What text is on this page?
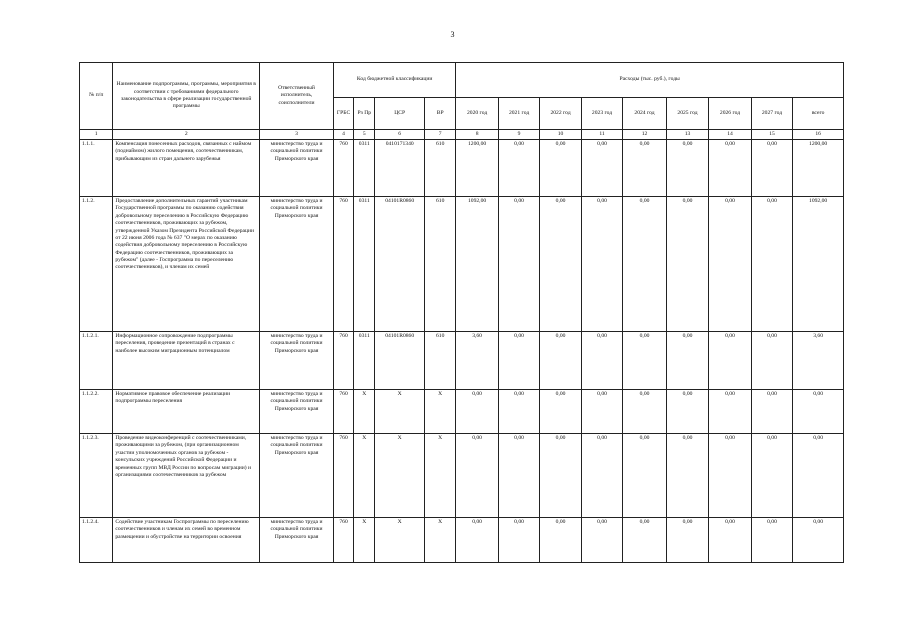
3
№ п/п	Наименование подпрограммы, программы, мероприятия в соответствии с требованиями федерального законодательства в сфере реализации государственной программы	Ответственный исполнитель, соисполнители	Код бюджетной классификации				Расходы (тыс. руб.), годы								
			ГРБС	Рз Пр	ЦСР	ВР	2020 год	2021 год	2022 год	2023 год	2024 год	2025 год	2026 год	2027 год	всего
1	2	3	4	5	6	7	8	9	10	11	12	13	14	15	16
1.1.1.	Компенсация понесенных расходов, связанных с наймом (поднаймом) жилого помещения, соотечественникам, прибывающим из стран дальнего зарубежья	министерство труда и социальной политики Приморского края	760	0311	0410171340	610	1200,00	0,00	0,00	0,00	0,00	0,00	0,00	0,00	1200,00
1.1.2.	Предоставление дополнительных гарантий участникам Государственной программы по оказанию содействия добровольному переселению в Российскую Федерацию соотечественников, проживающих за рубежом, утвержденной Указом Президента Российской Федерации от 22 июня 2006 года № 637 "О мерах по оказанию содействия добровольному переселению в Российскую Федерацию соотечественников, проживающих за рубежом" (далее - Госпрограмма по переселению соотечественников), и членам их семей	министерство труда и социальной политики Приморского края	760	0311	04101R0860	610	1092,00	0,00	0,00	0,00	0,00	0,00	0,00	0,00	1092,00
1.1.2.1.	Информационное сопровождение подпрограммы переселения, проведение презентаций в странах с наиболее высоким миграционным потенциалом	министерство труда и социальной политики Приморского края	760	0311	04101R0860	610	3,60	0,00	0,00	0,00	0,00	0,00	0,00	0,00	3,60
1.1.2.2.	Нормативное правовое обеспечение реализации подпрограммы переселения	министерство труда и социальной политики Приморского края	760	X	X	X	0,00	0,00	0,00	0,00	0,00	0,00	0,00	0,00	0,00
1.1.2.3.	Проведение видеоконференций с соотечественниками, проживающими за рубежом, (при организационном участии уполномоченных органов за рубежом - консульских учреждений Российской Федерации и временных групп МВД России по вопросам миграции) и организациями соотечественников за рубежом	министерство труда и социальной политики Приморского края	760	X	X	X	0,00	0,00	0,00	0,00	0,00	0,00	0,00	0,00	0,00
1.1.2.4.	Содействие участникам Госпрограммы по переселению соотечественников и членам их семей во временном размещении и обустройстве на территории освоения	министерство труда и социальной политики Приморского края	760	X	X	X	0,00	0,00	0,00	0,00	0,00	0,00	0,00	0,00	0,00
